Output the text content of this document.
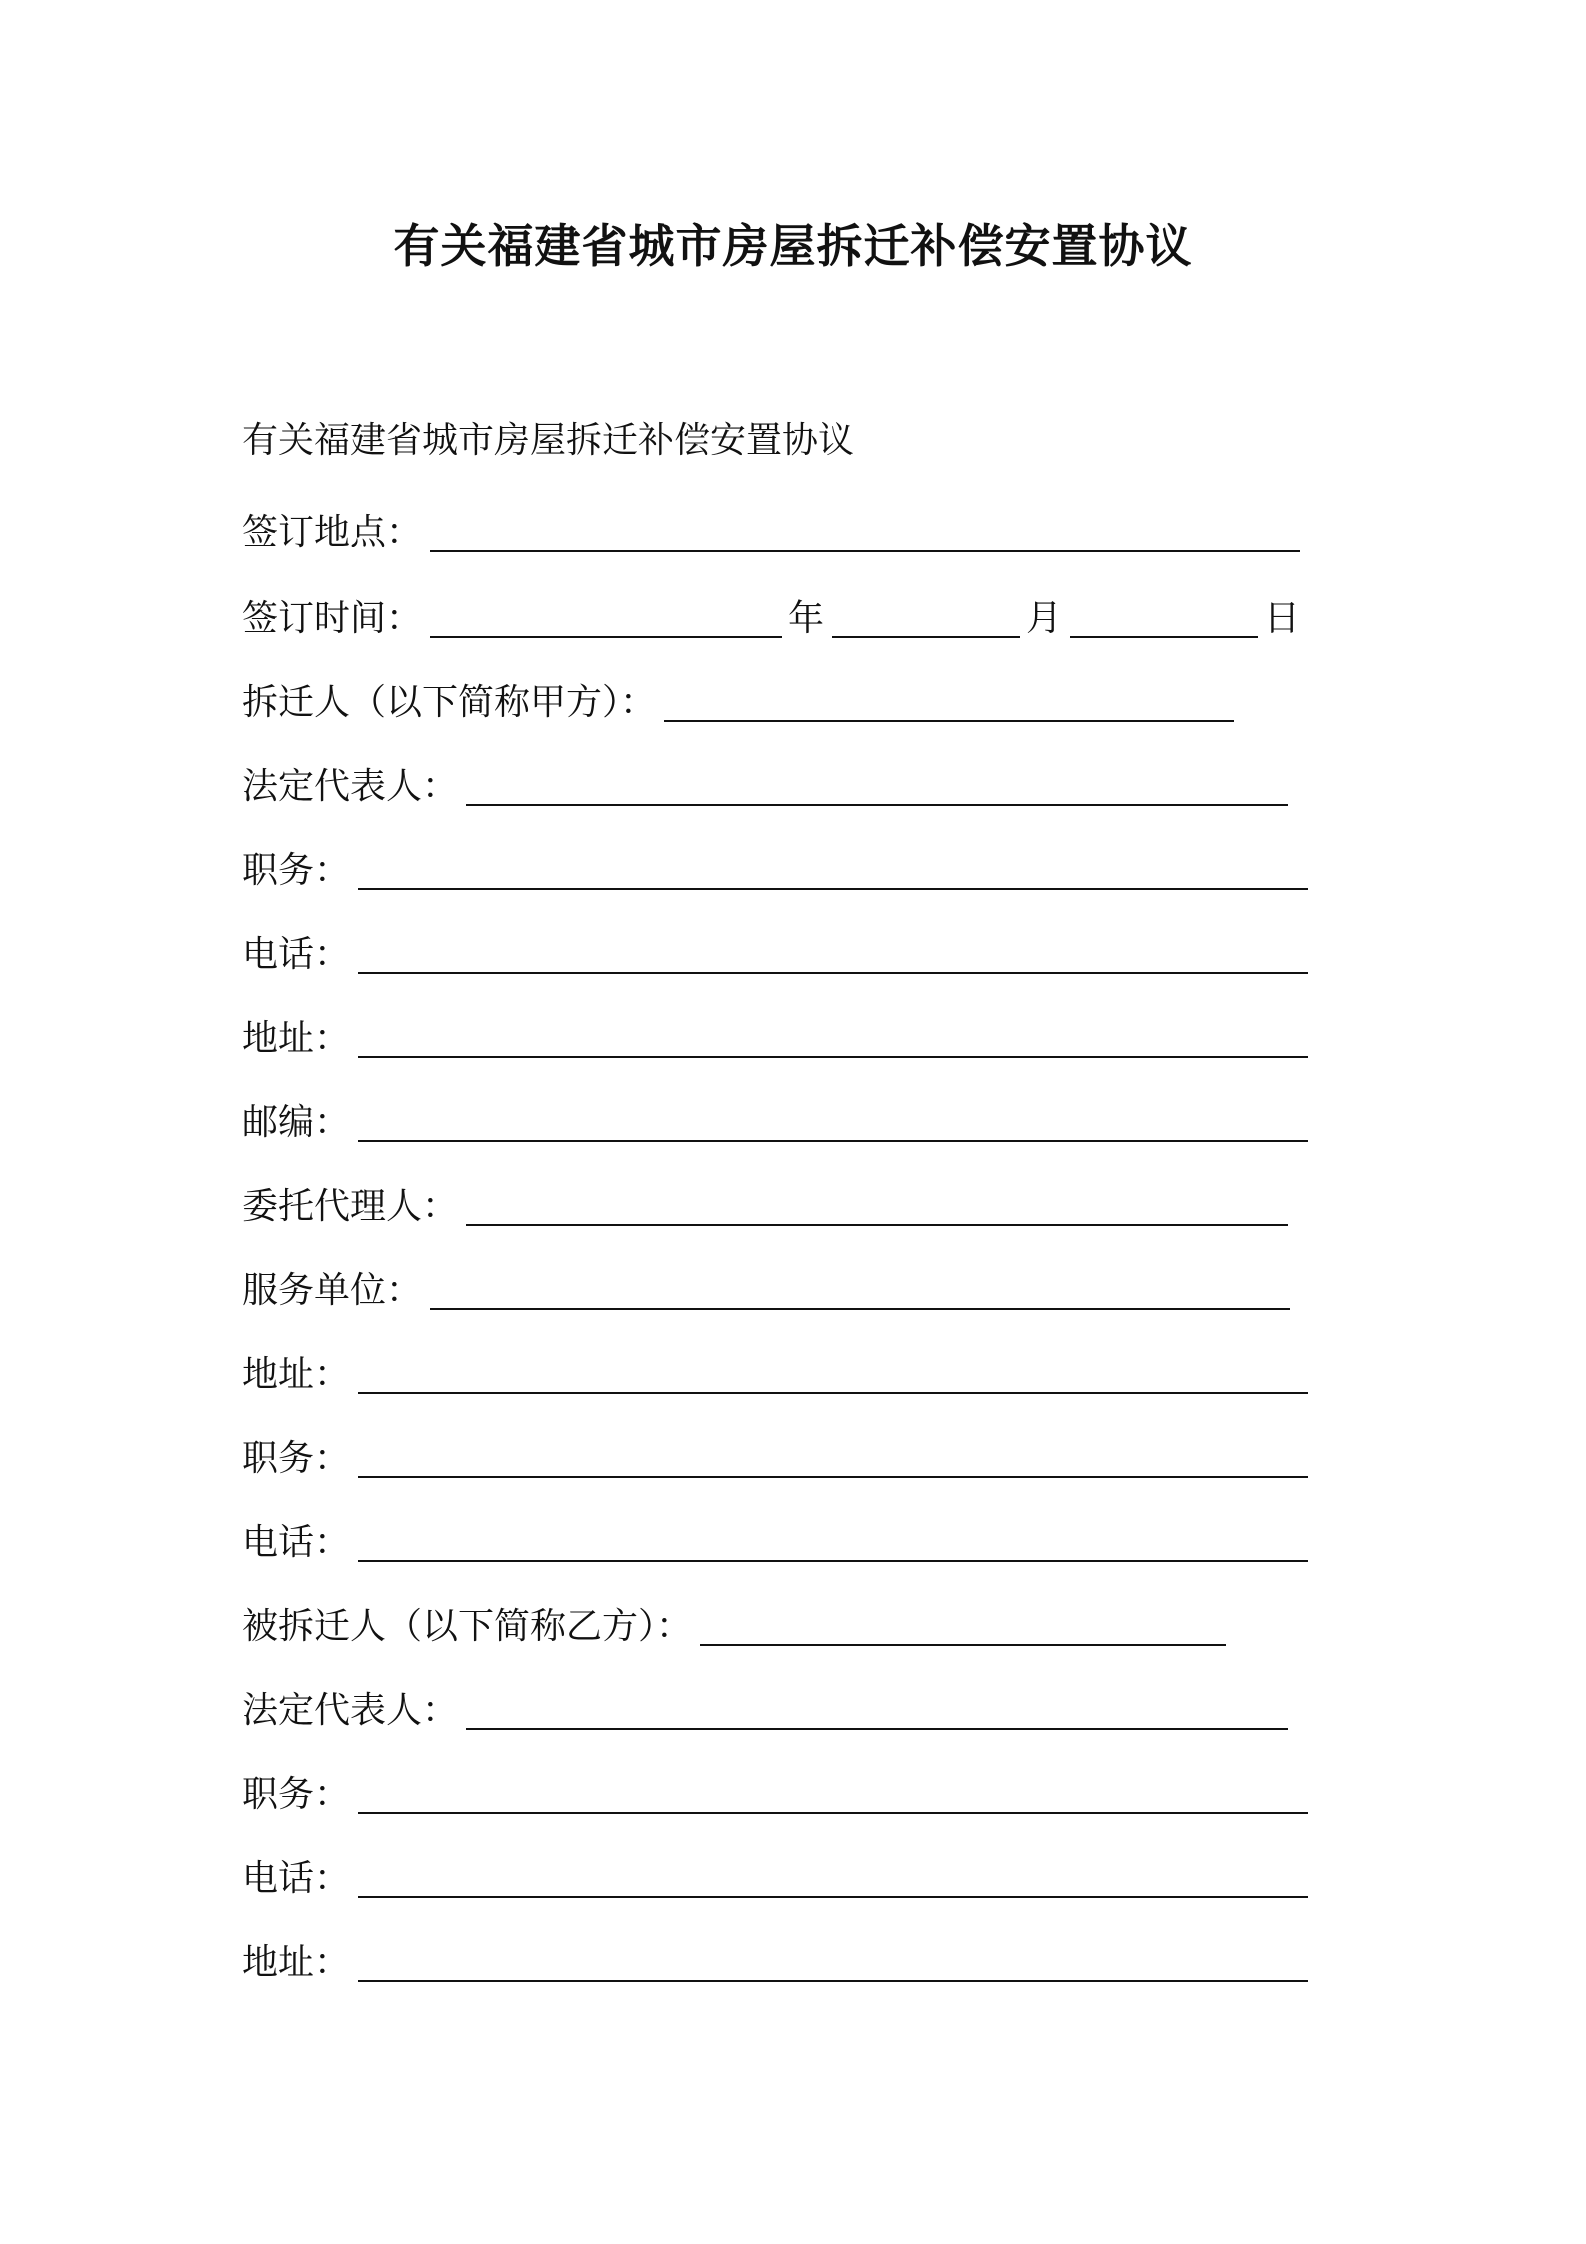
有关福建省城市房屋拆迁补偿安置协议

有关福建省城市房屋拆迁补偿安置协议

签订地点：
签订时间：	年	月	日
拆迁人（以下简称甲方）：
法定代表人：
职务：
电话：
地址：
邮编：
委托代理人：
服务单位：
地址：
职务：
电话：
被拆迁人（以下简称乙方）：
法定代表人：
职务：
电话：
地址：
